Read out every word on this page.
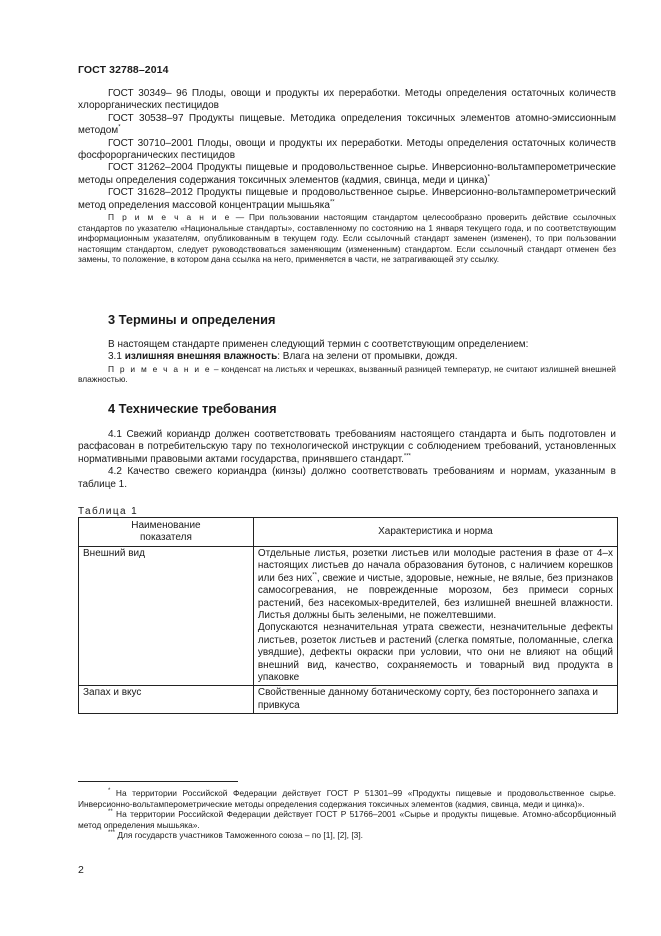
ГОСТ 32788–2014

ГОСТ 30349– 96 Плоды, овощи и продукты их переработки. Методы определения остаточных количеств хлорорганических пестицидов

ГОСТ 30538–97 Продукты пищевые. Методика определения токсичных элементов атомно-эмиссионным методом*

ГОСТ 30710–2001 Плоды, овощи и продукты их переработки. Методы определения остаточных количеств фосфорорганических пестицидов

ГОСТ 31262–2004 Продукты пищевые и продовольственное сырье. Инверсионно-вольтамперометрические методы определения содержания токсичных элементов (кадмия, свинца, меди и цинка)*

ГОСТ 31628–2012 Продукты пищевые и продовольственное сырье. Инверсионно-вольтамперометрический метод определения массовой концентрации мышьяка**

П р и м е ч а н и е — При пользовании настоящим стандартом целесообразно проверить действие ссылочных стандартов по указателю «Национальные стандарты», составленному по состоянию на 1 января текущего года, и по соответствующим информационным указателям, опубликованным в текущем году. Если ссылочный стандарт заменен (изменен), то при пользовании настоящим стандартом, следует руководствоваться заменяющим (измененным) стандартом. Если ссылочный стандарт отменен без замены, то положение, в котором дана ссылка на него, применяется в части, не затрагивающей эту ссылку.

3 Термины и определения

В настоящем стандарте применен следующий термин с соответствующим определением:

3.1 излишняя внешняя влажность: Влага на зелени от промывки, дождя.

П р и м е ч а н и е – конденсат на листьях и черешках, вызванный разницей температур, не считают излишней внешней влажностью.

4 Технические требования

4.1 Свежий кориандр должен соответствовать требованиям настоящего стандарта и быть подготовлен и расфасован в потребительскую тару по технологической инструкции с соблюдением требований, установленных нормативными правовыми актами государства, принявшего стандарт.***

4.2 Качество свежего кориандра (кинзы) должно соответствовать требованиям и нормам, указанным в таблице 1.

Таблица 1
Наименование показателя	Характеристика и норма
Внешний вид	Отдельные листья, розетки листьев или молодые растения в фазе от 4–х настоящих листьев до начала образования бутонов, с наличием корешков или без них**, свежие и чистые, здоровые, нежные, не вялые, без признаков самосогревания, не поврежденные морозом, без примеси сорных растений, без насекомых-вредителей, без излишней внешней влажности. Листья должны быть зелеными, не пожелтевшими.
Допускаются незначительная утрата свежести, незначительные дефекты листьев, розеток листьев и растений (слегка помятые, поломанные, слегка увядшие), дефекты окраски при условии, что они не влияют на общий внешний вид, качество, сохраняемость и товарный вид продукта в упаковке

Запах и вкус	Свойственные данному ботаническому сорту, без постороннего запаха и привкуса

* На территории Российской Федерации действует ГОСТ Р 51301–99 «Продукты пищевые и продовольственное сырье. Инверсионно-вольтамперометрические методы определения содержания токсичных элементов (кадмия, свинца, меди и цинка)».

** На территории Российской Федерации действует ГОСТ Р 51766–2001 «Сырье и продукты пищевые. Атомно-абсорбционный метод определения мышьяка».

*** Для государств участников Таможенного союза – по [1], [2], [3].

2
